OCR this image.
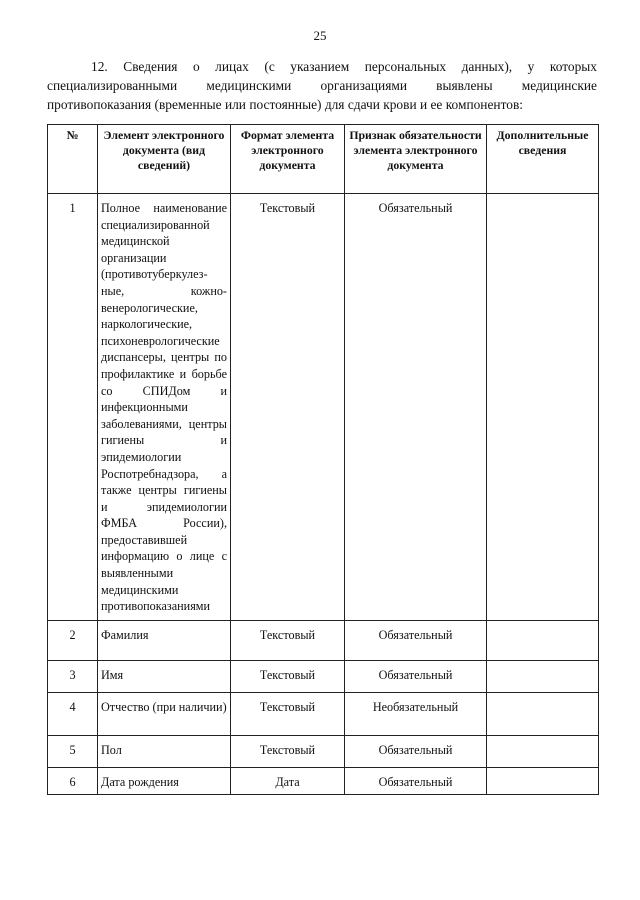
25

12. Сведения о лицах (с указанием персональных данных), у которых специализированными медицинскими организациями выявлены медицинские противопоказания (временные или постоянные) для сдачи крови и ее компонентов:

№	Элемент электронного документа (вид сведений)	Формат элемента электронного документа	Признак обязательности элемента электронного документа	Дополнительные сведения
1	Полное наименование специализированной медицинской организации (противотуберкулез-ные, кожно-венерологические, наркологические, психоневрологические диспансеры, центры по профилактике и борьбе со СПИДом и инфекционными заболеваниями, центры гигиены и эпидемиологии Роспотребнадзора, а также центры гигиены и эпидемиологии ФМБА России), предоставившей информацию о лице с выявленными медицинскими противопоказаниями	Текстовый	Обязательный	
2	Фамилия	Текстовый	Обязательный	
3	Имя	Текстовый	Обязательный	
4	Отчество (при наличии)	Текстовый	Необязательный	
5	Пол	Текстовый	Обязательный	
6	Дата рождения	Дата	Обязательный	
